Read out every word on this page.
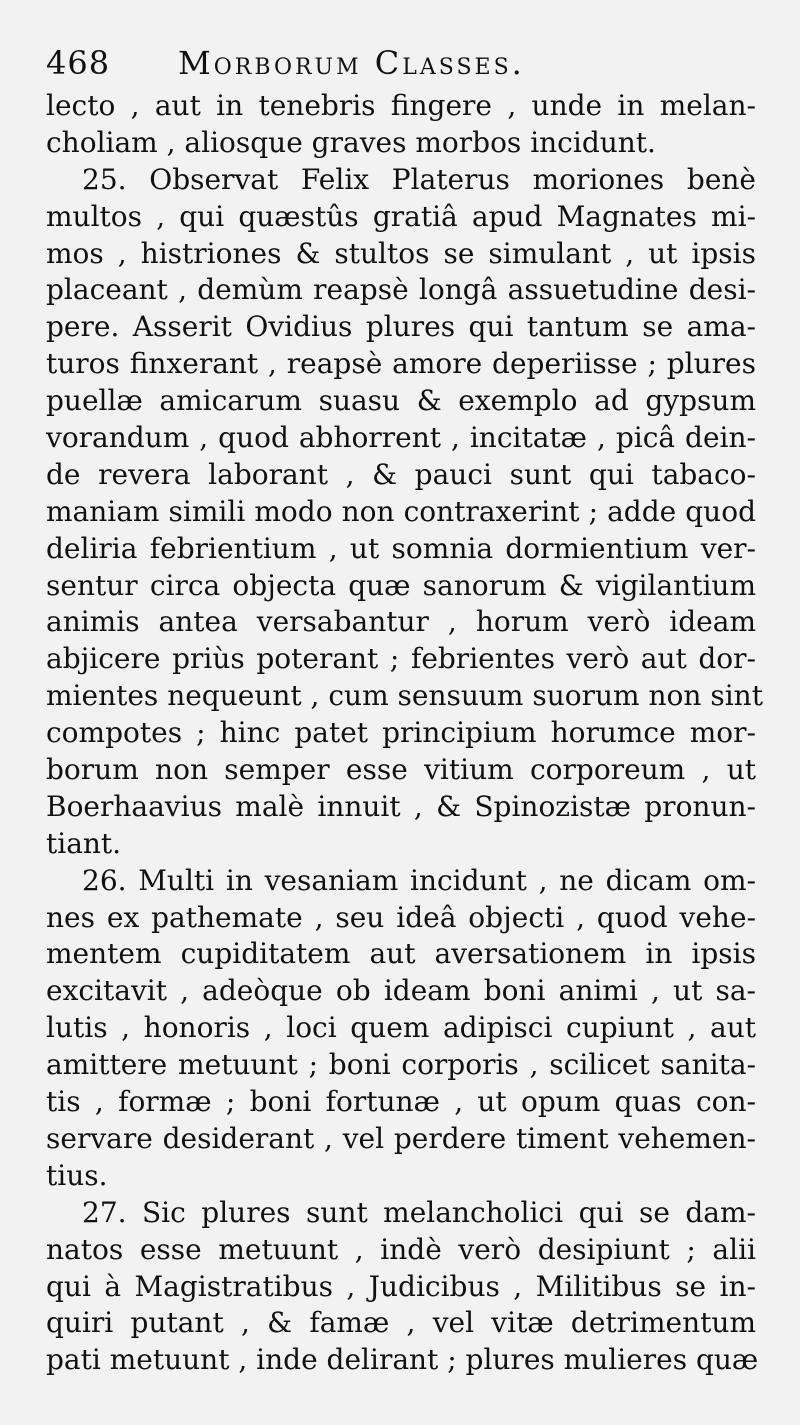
468 Morborum Classes.
lecto , aut in tenebris fingere , unde in melan-
choliam , aliosque graves morbos incidunt.
25. Observat Felix Platerus moriones benè
multos , qui quæstûs gratiâ apud Magnates mi-
mos , histriones & stultos se simulant , ut ipsis
placeant , demùm reapsè longâ assuetudine desi-
pere. Asserit Ovidius plures qui tantum se ama-
turos finxerant , reapsè amore deperiisse ; plures
puellæ amicarum suasu & exemplo ad gypsum
vorandum , quod abhorrent , incitatæ , picâ dein-
de revera laborant , & pauci sunt qui tabaco-
maniam simili modo non contraxerint ; adde quod
deliria febrientium , ut somnia dormientium ver-
sentur circa objecta quæ sanorum & vigilantium
animis antea versabantur , horum verò ideam
abjicere priùs poterant ; febrientes verò aut dor-
mientes nequeunt , cum sensuum suorum non sint
compotes ; hinc patet principium horumce mor-
borum non semper esse vitium corporeum , ut
Boerhaavius malè innuit , & Spinozistæ pronun-
tiant.
26. Multi in vesaniam incidunt , ne dicam om-
nes ex pathemate , seu ideâ objecti , quod vehe-
mentem cupiditatem aut aversationem in ipsis
excitavit , adeòque ob ideam boni animi , ut sa-
lutis , honoris , loci quem adipisci cupiunt , aut
amittere metuunt ; boni corporis , scilicet sanita-
tis , formæ ; boni fortunæ , ut opum quas con-
servare desiderant , vel perdere timent vehemen-
tius.
27. Sic plures sunt melancholici qui se dam-
natos esse metuunt , indè verò desipiunt ; alii
qui à Magistratibus , Judicibus , Militibus se in-
quiri putant , & famæ , vel vitæ detrimentum
pati metuunt , inde delirant ; plures mulieres quæ
